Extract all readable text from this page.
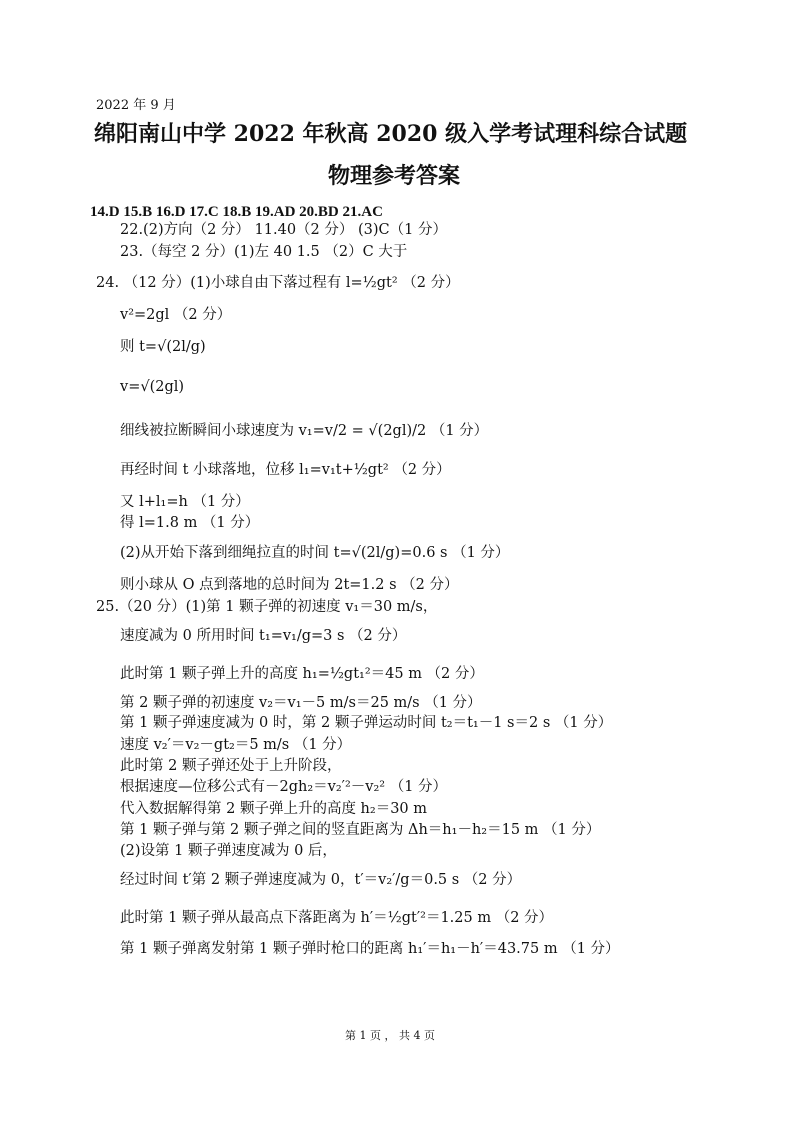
2022 年 9 月
绵阳南山中学 2022 年秋高 2020 级入学考试理科综合试题
物理参考答案
14.D 15.B 16.D 17.C 18.B 19.AD 20.BD 21.AC
22.(2)方向（2 分） 11.40（2 分） (3)C（1 分）
23.（每空 2 分）(1)左 40 1.5 （2）C 大于
24. （12 分）(1)小球自由下落过程有 l=½gt² （2 分）
v²=2gl （2 分）
则 t=√(2l/g)
v=√(2gl)
细线被拉断瞬间小球速度为 v₁=v/2 = √(2gl)/2 （1 分）
再经时间 t 小球落地，位移 l₁=v₁t+½gt² （2 分）
又 l+l₁=h （1 分）
得 l=1.8 m （1 分）
(2)从开始下落到细绳拉直的时间 t=√(2l/g)=0.6 s （1 分）
则小球从 O 点到落地的总时间为 2t=1.2 s （2 分）
25.（20 分）(1)第 1 颗子弹的初速度 v₁＝30 m/s，
速度减为 0 所用时间 t₁=v₁/g=3 s （2 分）
此时第 1 颗子弹上升的高度 h₁=½gt₁²＝45 m （2 分）
第 2 颗子弹的初速度 v₂＝v₁－5 m/s＝25 m/s （1 分）
第 1 颗子弹速度减为 0 时，第 2 颗子弹运动时间 t₂＝t₁－1 s＝2 s （1 分）
速度 v₂′＝v₂－gt₂＝5 m/s （1 分）
此时第 2 颗子弹还处于上升阶段，
根据速度—位移公式有－2gh₂＝v₂′²－v₂² （1 分）
代入数据解得第 2 颗子弹上升的高度 h₂＝30 m
第 1 颗子弹与第 2 颗子弹之间的竖直距离为 Δh＝h₁－h₂＝15 m （1 分）
(2)设第 1 颗子弹速度减为 0 后，
经过时间 t′第 2 颗子弹速度减为 0，t′＝v₂′/g＝0.5 s （2 分）
此时第 1 颗子弹从最高点下落距离为 h′＝½gt′²＝1.25 m （2 分）
第 1 颗子弹离发射第 1 颗子弹时枪口的距离 h₁′＝h₁－h′＝43.75 m （1 分）
第 1 页 ， 共 4 页
